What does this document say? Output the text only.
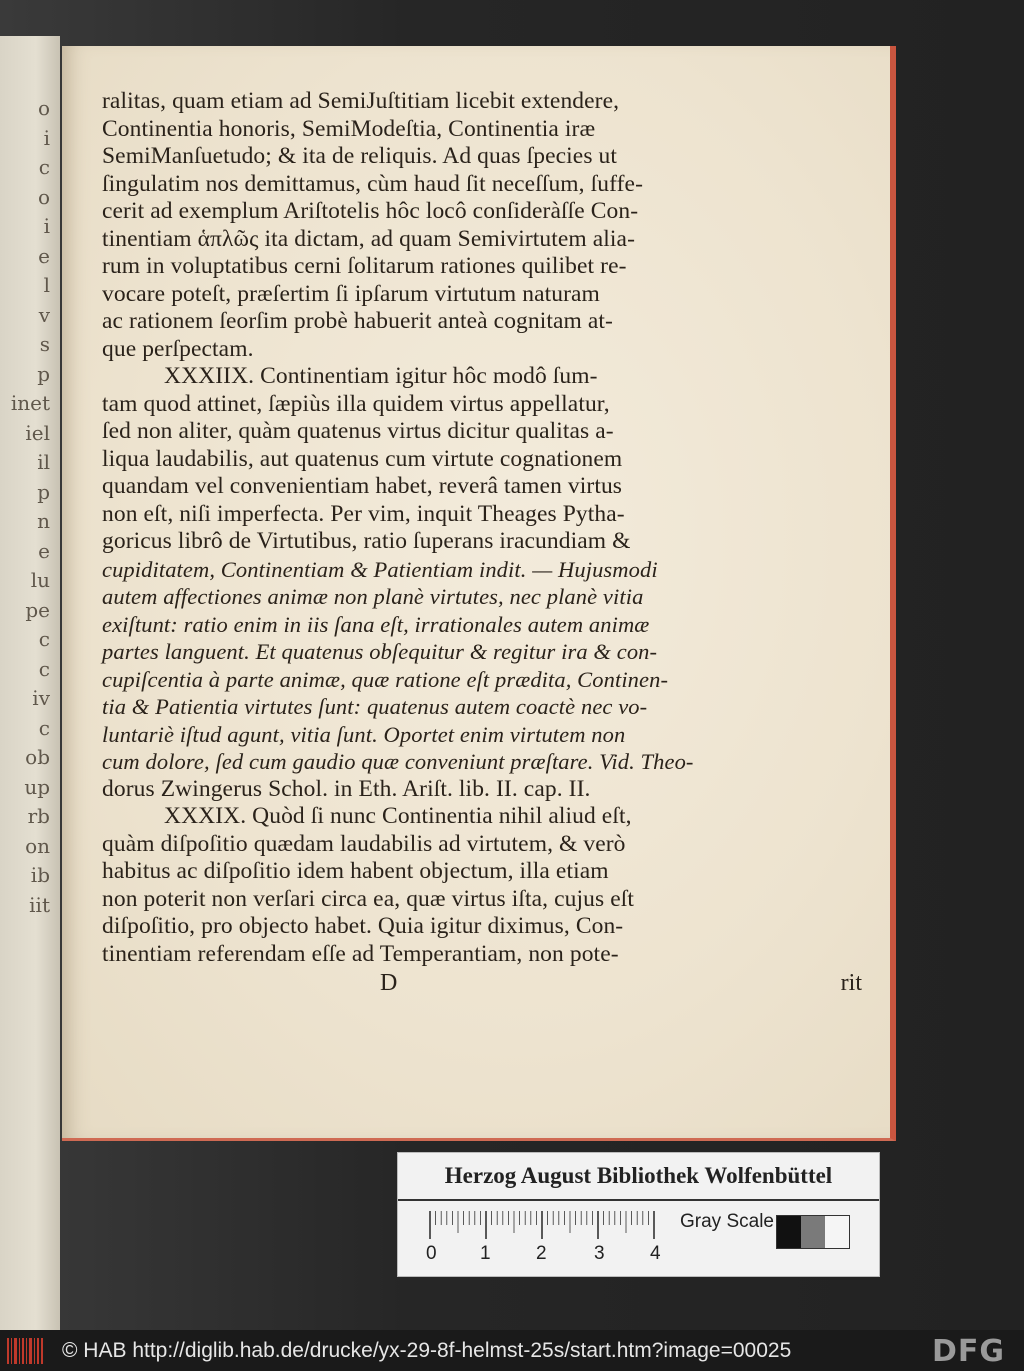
o
i
c
o
i
e
l
v
s
p
inet
iel
il
p
n
e
lu
pe
c
c
iv
c
ob
up
rb
on
ib
iit
ralitas, quam etiam ad SemiJuſtitiam licebit extendere,
Continentia honoris, SemiModeſtia, Continentia iræ
SemiManſuetudo; & ita de reliquis. Ad quas ſpecies ut
ſingulatim nos demittamus, cùm haud ſit neceſſum, ſuffe-
cerit ad exemplum Ariſtotelis hôc locô conſideràſſe Con-
tinentiam ἁπλῶς ita dictam, ad quam Semivirtutem alia-
rum in voluptatibus cerni ſolitarum rationes quilibet re-
vocare poteſt, præſertim ſi ipſarum virtutum naturam
ac rationem ſeorſim probè habuerit anteà cognitam at-
que perſpectam.
XXXIIX. Continentiam igitur hôc modô ſum-
tam quod attinet, ſæpiùs illa quidem virtus appellatur,
ſed non aliter, quàm quatenus virtus dicitur qualitas a-
liqua laudabilis, aut quatenus cum virtute cognationem
quandam vel convenientiam habet, reverâ tamen virtus
non eſt, niſi imperfecta. Per vim, inquit Theages Pytha-
goricus librô de Virtutibus, ratio ſuperans iracundiam &
cupiditatem, Continentiam & Patientiam indit. — Hujusmodi
autem affectiones animæ non planè virtutes, nec planè vitia
exiſtunt: ratio enim in iis ſana eſt, irrationales autem animæ
partes languent. Et quatenus obſequitur & regitur ira & con-
cupiſcentia à parte animæ, quæ ratione eſt prædita, Continen-
tia & Patientia virtutes ſunt: quatenus autem coactè nec vo-
luntariè iſtud agunt, vitia ſunt. Oportet enim virtutem non
cum dolore, ſed cum gaudio quæ conveniunt præſtare. Vid. Theo-
dorus Zwingerus Schol. in Eth. Ariſt. lib. II. cap. II.
XXXIX. Quòd ſi nunc Continentia nihil aliud eſt,
quàm diſpoſitio quædam laudabilis ad virtutem, & verò
habitus ac diſpoſitio idem habent objectum, illa etiam
non poterit non verſari circa ea, quæ virtus iſta, cujus eſt
diſpoſitio, pro objecto habet. Quia igitur diximus, Con-
tinentiam referendam eſſe ad Temperantiam, non pote-
D	rit
Herzog August Bibliothek Wolfenbüttel
0 1 2 3 4
Gray Scale
© HAB http://diglib.hab.de/drucke/yx-29-8f-helmst-25s/start.htm?image=00025	DFG
